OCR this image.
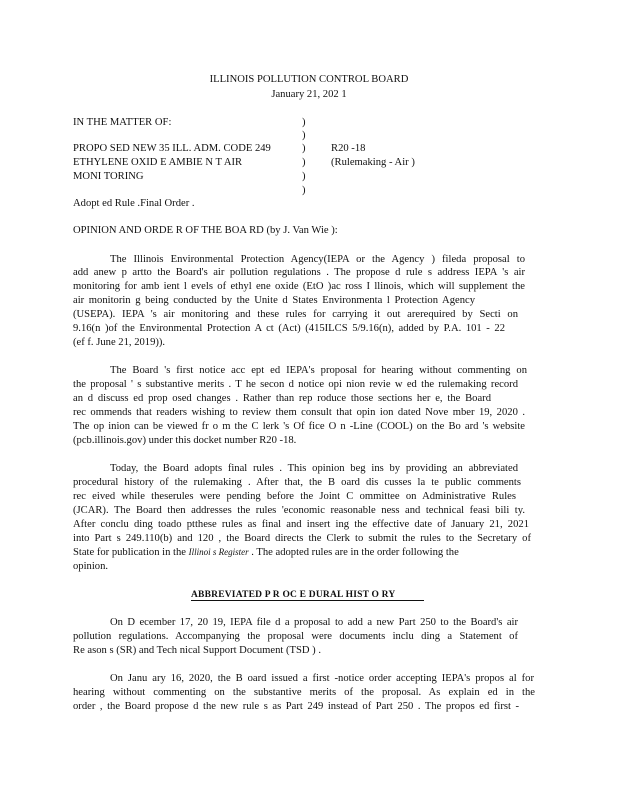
ILLINOIS POLLUTION CONTROL BOARD
January 21, 202 1
IN THE MATTER OF:
PROPO SED NEW 35 ILL. ADM. CODE 249
ETHYLENE OXID E AMBIE N T AIR
MONI TORING
)
)
)
)
)
)
R20 -18
(Rulemaking - Air )
Adopt ed Rule .Final Order .
OPINION AND ORDE R OF THE BOA RD (by J. Van Wie ):
The Illinois Environmental Protection Agency(IEPA or the Agency ) fileda proposal to
add anew p artto the Board's air pollution regulations . The propose d rule s address IEPA 's air
monitoring for amb ient l evels of ethyl ene oxide (EtO )ac ross I llinois, which will supplement the
air monitorin g being conducted by the Unite d States Environmenta l Protection Agency
(USEPA). IEPA 's air monitoring and these rules for carrying it out arerequired by Secti on
9.16(n )of the Environmental Protection A ct (Act) (415ILCS 5/9.16(n), added by P.A. 101 - 22
(ef f. June 21, 2019)).
The Board 's first notice acc ept ed IEPA's proposal for hearing without commenting on
the proposal ' s substantive merits . T he secon d notice opi nion revie w ed the rulemaking record
an d discuss ed prop osed changes . Rather than rep roduce those sections her e, the Board
rec ommends that readers wishing to review them consult that opin ion dated Nove mber 19, 2020 .
The op inion can be viewed fr o m the C lerk 's Of fice O n -Line (COOL) on the Bo ard 's website
(pcb.illinois.gov) under this docket number R20 -18.
Today, the Board adopts final rules . This opinion beg ins by providing an abbreviated
procedural history of the rulemaking . After that, the B oard dis cusses la te public comments
rec eived while theserules were pending before the Joint C ommittee on Administrative Rules
(JCAR). The Board then addresses the rules 'economic reasonable ness and technical feasi bili ty.
After conclu ding toado ptthese rules as final and insert ing the effective date of January 21, 2021
into Part s 249.110(b) and 120 , the Board directs the Clerk to submit the rules to the Secretary of
State for publication in the Illinoi s Register . The adopted rules are in the order following the
opinion.
ABBREVIATED P R OC E DURAL HIST O RY
On D ecember 17, 20 19, IEPA file d a proposal to add a new Part 250 to the Board's air
pollution regulations. Accompanying the proposal were documents inclu ding a Statement of
Re ason s (SR) and Tech nical Support Document (TSD ) .
On Janu ary 16, 2020, the B oard issued a first -notice order accepting IEPA's propos al for
hearing without commenting on the substantive merits of the proposal. As explain ed in the
order , the Board propose d the new rule s as Part 249 instead of Part 250 . The propos ed first -
